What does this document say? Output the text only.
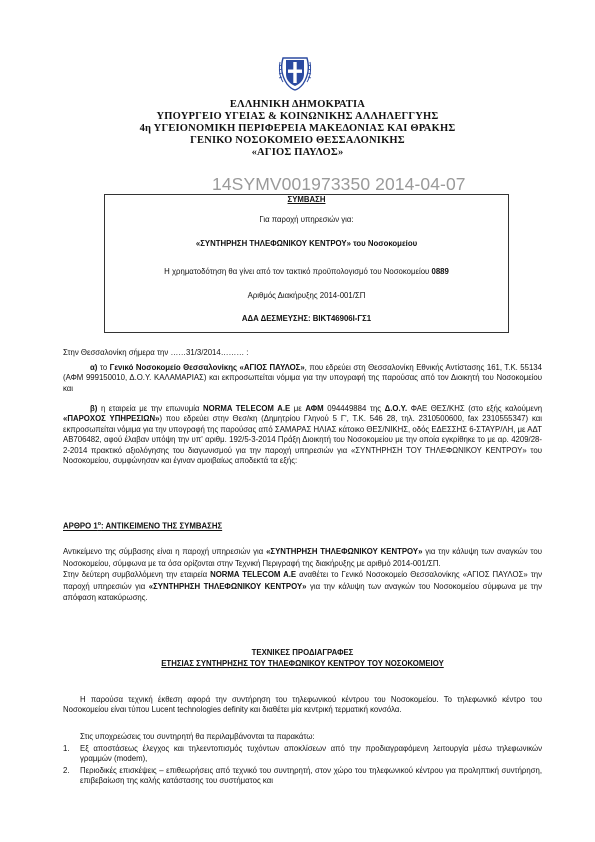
ΕΛΛΗΝΙΚΗ ΔΗΜΟΚΡΑΤΙΑ
ΥΠΟΥΡΓΕΙΟ ΥΓΕΙΑΣ & ΚΟΙΝΩΝΙΚΗΣ ΑΛΛΗΛΕΓΓΥΗΣ
4η ΥΓΕΙΟΝΟΜΙΚΗ ΠΕΡΙΦΕΡΕΙΑ ΜΑΚΕΔΟΝΙΑΣ ΚΑΙ ΘΡΑΚΗΣ
ΓΕΝΙΚΟ ΝΟΣΟΚΟΜΕΙΟ ΘΕΣΣΑΛΟΝΙΚΗΣ
«ΑΓΙΟΣ ΠΑΥΛΟΣ»
ΣΥΜΒΑΣΗ
Για παροχή υπηρεσιών για:
«ΣΥΝΤΗΡΗΣΗ ΤΗΛΕΦΩΝΙΚΟΥ ΚΕΝΤΡΟΥ» του Νοσοκομείου
Η χρηματοδότηση θα γίνει από τον τακτικό προϋπολογισμό του Νοσοκομείου 0889
Αριθμός Διακήρυξης 2014-001/ΣΠ
ΑΔΑ ΔΕΣΜΕΥΣΗΣ: ΒΙΚΤ46906Ι-ΓΣ1
14SYMV001973350 2014-04-07
Στην Θεσσαλονίκη σήμερα την ……31/3/2014……… :

α) το Γενικό Νοσοκομείο Θεσσαλονίκης «ΑΓΙΟΣ ΠΑΥΛΟΣ», που εδρεύει στη Θεσσαλονίκη Εθνικής Αντίστασης 161, Τ.Κ. 55134 (ΑΦΜ 999150010, Δ.Ο.Υ. ΚΑΛΑΜΑΡΙΑΣ) και εκπροσωπείται νόμιμα για την υπογραφή της παρούσας από τον Διοικητή του Νοσοκομείου και

β) η εταιρεία με την επωνυμία NORMA TELECOM A.E με ΑΦΜ 094449884 της Δ.Ο.Υ. ΦΑΕ ΘΕΣ/ΚΗΣ (στο εξής καλούμενη «ΠΑΡΟΧΟΣ ΥΠΗΡΕΣΙΩΝ») που εδρεύει στην Θεσ/κη (Δημητρίου Γληνού 5 Γ', Τ.Κ. 546 28, τηλ. 2310500600, fax 2310555347) και εκπροσωπείται νόμιμα για την υπογραφή της παρούσας από ΣΑΜΑΡΑΣ ΗΛΙΑΣ κάτοικο ΘΕΣ/ΝΙΚΗΣ, οδός ΕΔΕΣΣΗΣ 6-ΣΤΑΥΡ/ΛΗ, με ΑΔΤ ΑΒ706482, αφού έλαβαν υπόψη την υπ' αριθμ. 192/5-3-2014 Πράξη Διοικητή του Νοσοκομείου με την οποία εγκρίθηκε το με αρ. 4209/28-2-2014 πρακτικό αξιολόγησης του διαγωνισμού για την παροχή υπηρεσιών για «ΣΥΝΤΗΡΗΣΗ ΤΟΥ ΤΗΛΕΦΩΝΙΚΟΥ ΚΕΝΤΡΟΥ» του Νοσοκομείου, συμφώνησαν και έγιναν αμοιβαίως αποδεκτά τα εξής:

ΑΡΘΡΟ $1^o$: ΑΝΤΙΚΕΙΜΕΝΟ ΤΗΣ ΣΥΜΒΑΣΗΣ

Αντικείμενο της σύμβασης είναι η παροχή υπηρεσιών για «ΣΥΝΤΗΡΗΣΗ ΤΗΛΕΦΩΝΙΚΟΥ ΚΕΝΤΡΟΥ» για την κάλυψη των αναγκών του Νοσοκομείου, σύμφωνα με τα όσα ορίζονται στην Τεχνική Περιγραφή της διακήρυξης με αριθμό 2014-001/ΣΠ.

Στην δεύτερη συμβαλλόμενη την εταιρεία NORMA TELECOM A.E αναθέτει το Γενικό Νοσοκομείο Θεσσαλονίκης «ΑΓΙΟΣ ΠΑΥΛΟΣ» την παροχή υπηρεσιών για «ΣΥΝΤΗΡΗΣΗ ΤΗΛΕΦΩΝΙΚΟΥ ΚΕΝΤΡΟΥ» για την κάλυψη των αναγκών του Νοσοκομείου σύμφωνα με την απόφαση κατακύρωσης.

ΤΕΧΝΙΚΕΣ ΠΡΟΔΙΑΓΡΑΦΕΣ
ΕΤΗΣΙΑΣ ΣΥΝΤΗΡΗΣΗΣ ΤΟΥ ΤΗΛΕΦΩΝΙΚΟΥ ΚΕΝΤΡΟΥ ΤΟΥ ΝΟΣΟΚΟΜΕΙΟΥ

Η παρούσα τεχνική έκθεση αφορά την συντήρηση του τηλεφωνικού κέντρου του Νοσοκομείου. Το τηλεφωνικό κέντρο του Νοσοκομείου είναι τύπου Lucent technologies definity και διαθέτει μία κεντρική τερματική κονσόλα.

Στις υποχρεώσεις του συντηρητή θα περιλαμβάνονται τα παρακάτω:
1. Εξ αποστάσεως έλεγχος και τηλεεντοπισμός τυχόντων αποκλίσεων από την προδιαγραφόμενη λειτουργία μέσω τηλεφωνικών γραμμών (modem),
2. Περιοδικές επισκέψεις – επιθεωρήσεις από τεχνικό του συντηρητή, στον χώρο του τηλεφωνικού κέντρου για προληπτική συντήρηση, επιβεβαίωση της καλής κατάστασης του συστήματος και
